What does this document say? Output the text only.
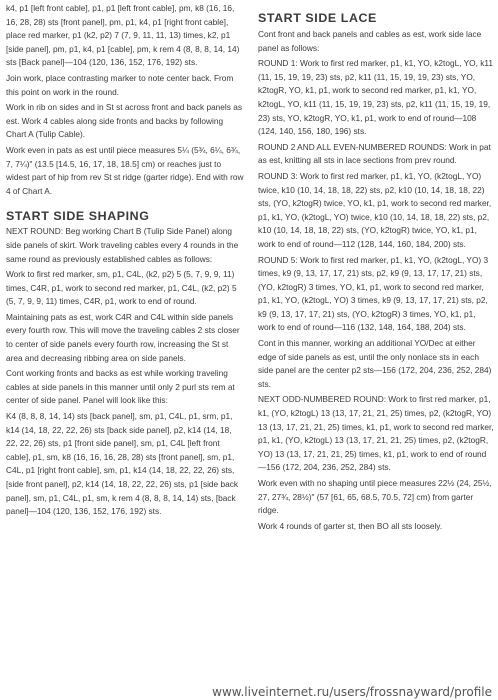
k4, p1 [left front cable], p1, p1 [left front cable], pm, k8 (16, 16, 16, 28, 28) sts [front panel], pm, p1, k4, p1 [right front cable], place red marker, p1 (k2, p2) 7 (7, 9, 11, 11, 13) times, k2, p1 [side panel], pm, p1, k4, p1 [cable], pm, k rem 4 (8, 8, 8, 14, 14) sts [Back panel]—104 (120, 136, 152, 176, 192) sts.

Join work, place contrasting marker to note center back. From this point on work in the round.

Work in rib on sides and in St st across front and back panels as est. Work 4 cables along side fronts and backs by following Chart A (Tulip Cable).

Work even in pats as est until piece measures 5¼ (5¾, 6¼, 6¾, 7, 7¼)" (13.5 [14.5, 16, 17, 18, 18.5] cm) or reaches just to widest part of hip from rev St st ridge (garter ridge). End with row 4 of Chart A.

START SIDE SHAPING

NEXT ROUND: Beg working Chart B (Tulip Side Panel) along side panels of skirt. Work traveling cables every 4 rounds in the same round as previously established cables as follows:

Work to first red marker, sm, p1, C4L, (k2, p2) 5 (5, 7, 9, 9, 11) times, C4R, p1, work to second red marker, p1, C4L, (k2, p2) 5 (5, 7, 9, 9, 11) times, C4R, p1, work to end of round.

Maintaining pats as est, work C4R and C4L within side panels every fourth row. This will move the traveling cables 2 sts closer to center of side panels every fourth row, increasing the St st area and decreasing ribbing area on side panels.

Cont working fronts and backs as est while working traveling cables at side panels in this manner until only 2 purl sts rem at center of side panel. Panel will look like this:

K4 (8, 8, 8, 14, 14) sts [back panel], sm, p1, C4L, p1, srm, p1, k14 (14, 18, 22, 22, 26) sts [back side panel], p2, k14 (14, 18, 22, 22, 26) sts, p1 [front side panel], sm, p1, C4L [left front cable], p1, sm, k8 (16, 16, 16, 28, 28) sts [front panel], sm, p1, C4L, p1 [right front cable], sm, p1, k14 (14, 18, 22, 22, 26) sts, [side front panel], p2, k14 (14, 18, 22, 22, 26) sts, p1 [side back panel], sm, p1, C4L, p1, sm, k rem 4 (8, 8, 8, 14, 14) sts, [back panel]—104 (120, 136, 152, 176, 192) sts.

START SIDE LACE

Cont front and back panels and cables as est, work side lace panel as follows:

ROUND 1: Work to first red marker, p1, k1, YO, k2togL, YO, k11 (11, 15, 19, 19, 23) sts, p2, k11 (11, 15, 19, 19, 23) sts, YO, k2togR, YO, k1, p1, work to second red marker, p1, k1, YO, k2togL, YO, k11 (11, 15, 19, 19, 23) sts, p2, k11 (11, 15, 19, 19, 23) sts, YO, k2togR, YO, k1, p1, work to end of round—108 (124, 140, 156, 180, 196) sts.

ROUND 2 AND ALL EVEN-NUMBERED ROUNDS: Work in pat as est, knitting all sts in lace sections from prev round.

ROUND 3: Work to first red marker, p1, k1, YO, (k2togL, YO) twice, k10 (10, 14, 18, 18, 22) sts, p2, k10 (10, 14, 18, 18, 22) sts, (YO, k2togR) twice, YO, k1, p1, work to second red marker, p1, k1, YO, (k2togL, YO) twice, k10 (10, 14, 18, 18, 22) sts, p2, k10 (10, 14, 18, 18, 22) sts, (YO, k2togR) twice, YO, k1, p1, work to end of round—112 (128, 144, 160, 184, 200) sts.

ROUND 5: Work to first red marker, p1, k1, YO, (k2togL, YO) 3 times, k9 (9, 13, 17, 17, 21) sts, p2, k9 (9, 13, 17, 17, 21) sts, (YO, k2togR) 3 times, YO, k1, p1, work to second red marker, p1, k1, YO, (k2togL, YO) 3 times, k9 (9, 13, 17, 17, 21) sts, p2, k9 (9, 13, 17, 17, 21) sts, (YO, k2togR) 3 times, YO, k1, p1, work to end of round—116 (132, 148, 164, 188, 204) sts.

Cont in this manner, working an additional YO/Dec at either edge of side panels as est, until the only nonlace sts in each side panel are the center p2 sts—156 (172, 204, 236, 252, 284) sts.

NEXT ODD-NUMBERED ROUND: Work to first red marker, p1, k1, (YO, k2togL) 13 (13, 17, 21, 21, 25) times, p2, (k2togR, YO) 13 (13, 17, 21, 21, 25) times, k1, p1, work to second red marker, p1, k1, (YO, k2togL) 13 (13, 17, 21, 21, 25) times, p2, (k2togR, YO) 13 (13, 17, 21, 21, 25) times, k1, p1, work to end of round—156 (172, 204, 236, 252, 284) sts.

Work even with no shaping until piece measures 22½ (24, 25½, 27, 27¾, 28½)" (57 [61, 65, 68.5, 70.5, 72] cm) from garter ridge.

Work 4 rounds of garter st, then BO all sts loosely.

www.liveinternet.ru/users/frossnayward/profile
